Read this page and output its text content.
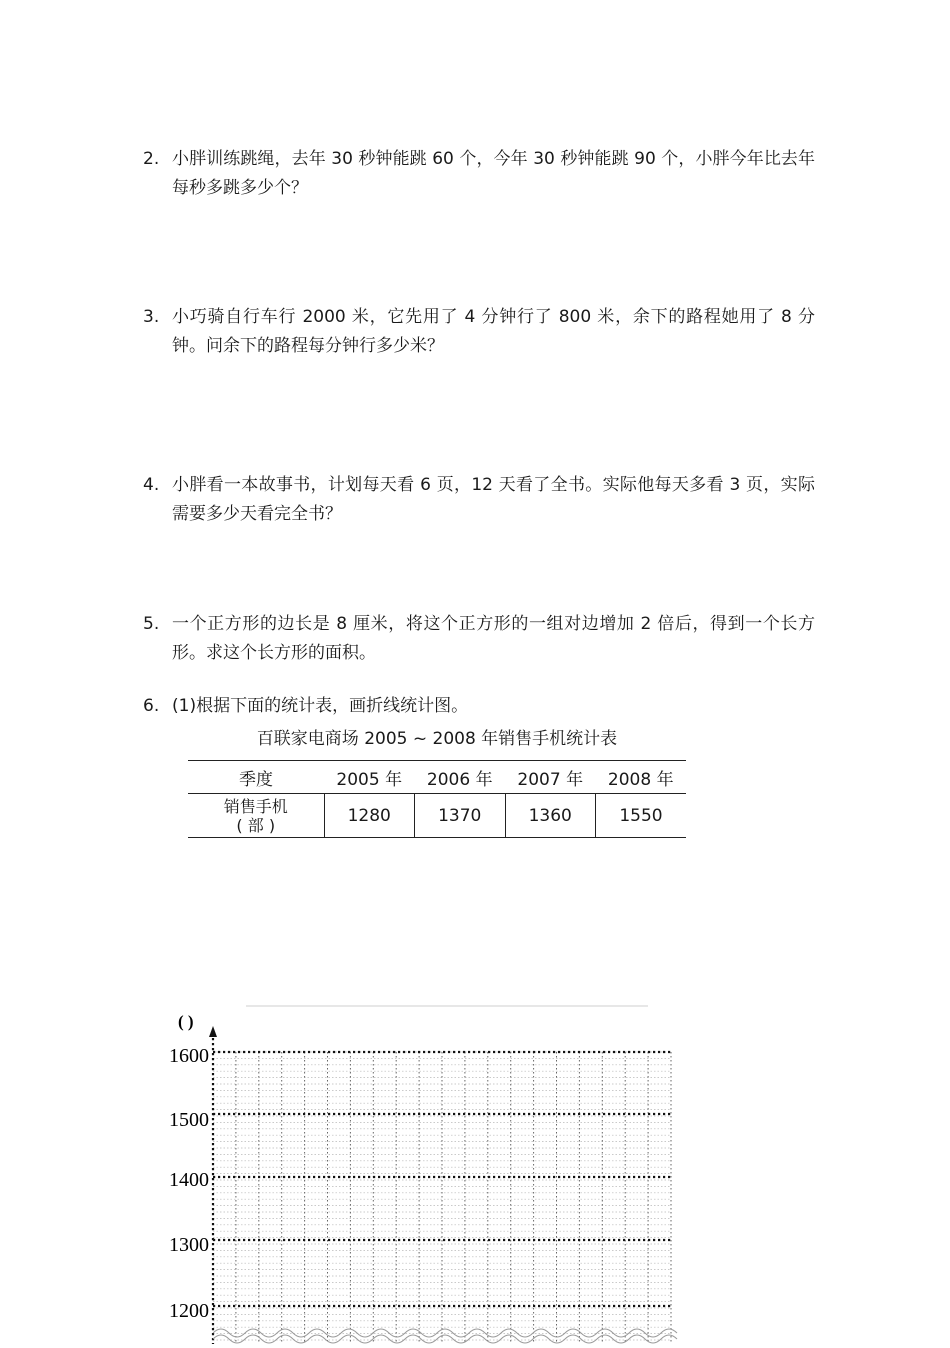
2. 小胖训练跳绳，去年 30 秒钟能跳 60 个，今年 30 秒钟能跳 90 个，小胖今年比去年每秒多跳多少个？
3. 小巧骑自行车行 2000 米，它先用了 4 分钟行了 800 米，余下的路程她用了 8 分钟。问余下的路程每分钟行多少米？
4. 小胖看一本故事书，计划每天看 6 页，12 天看了全书。实际他每天多看 3 页，实际需要多少天看完全书？
5. 一个正方形的边长是 8 厘米，将这个正方形的一组对边增加 2 倍后，得到一个长方形。求这个长方形的面积。
6. (1)根据下面的统计表，画折线统计图。
百联家电商场 2005 ~ 2008 年销售手机统计表
季度	2005 年	2006 年	2007 年	2008 年

销售手机
( 部 )	1280	1370	1360	1550
( )
1600
1500
1400
1300
1200
